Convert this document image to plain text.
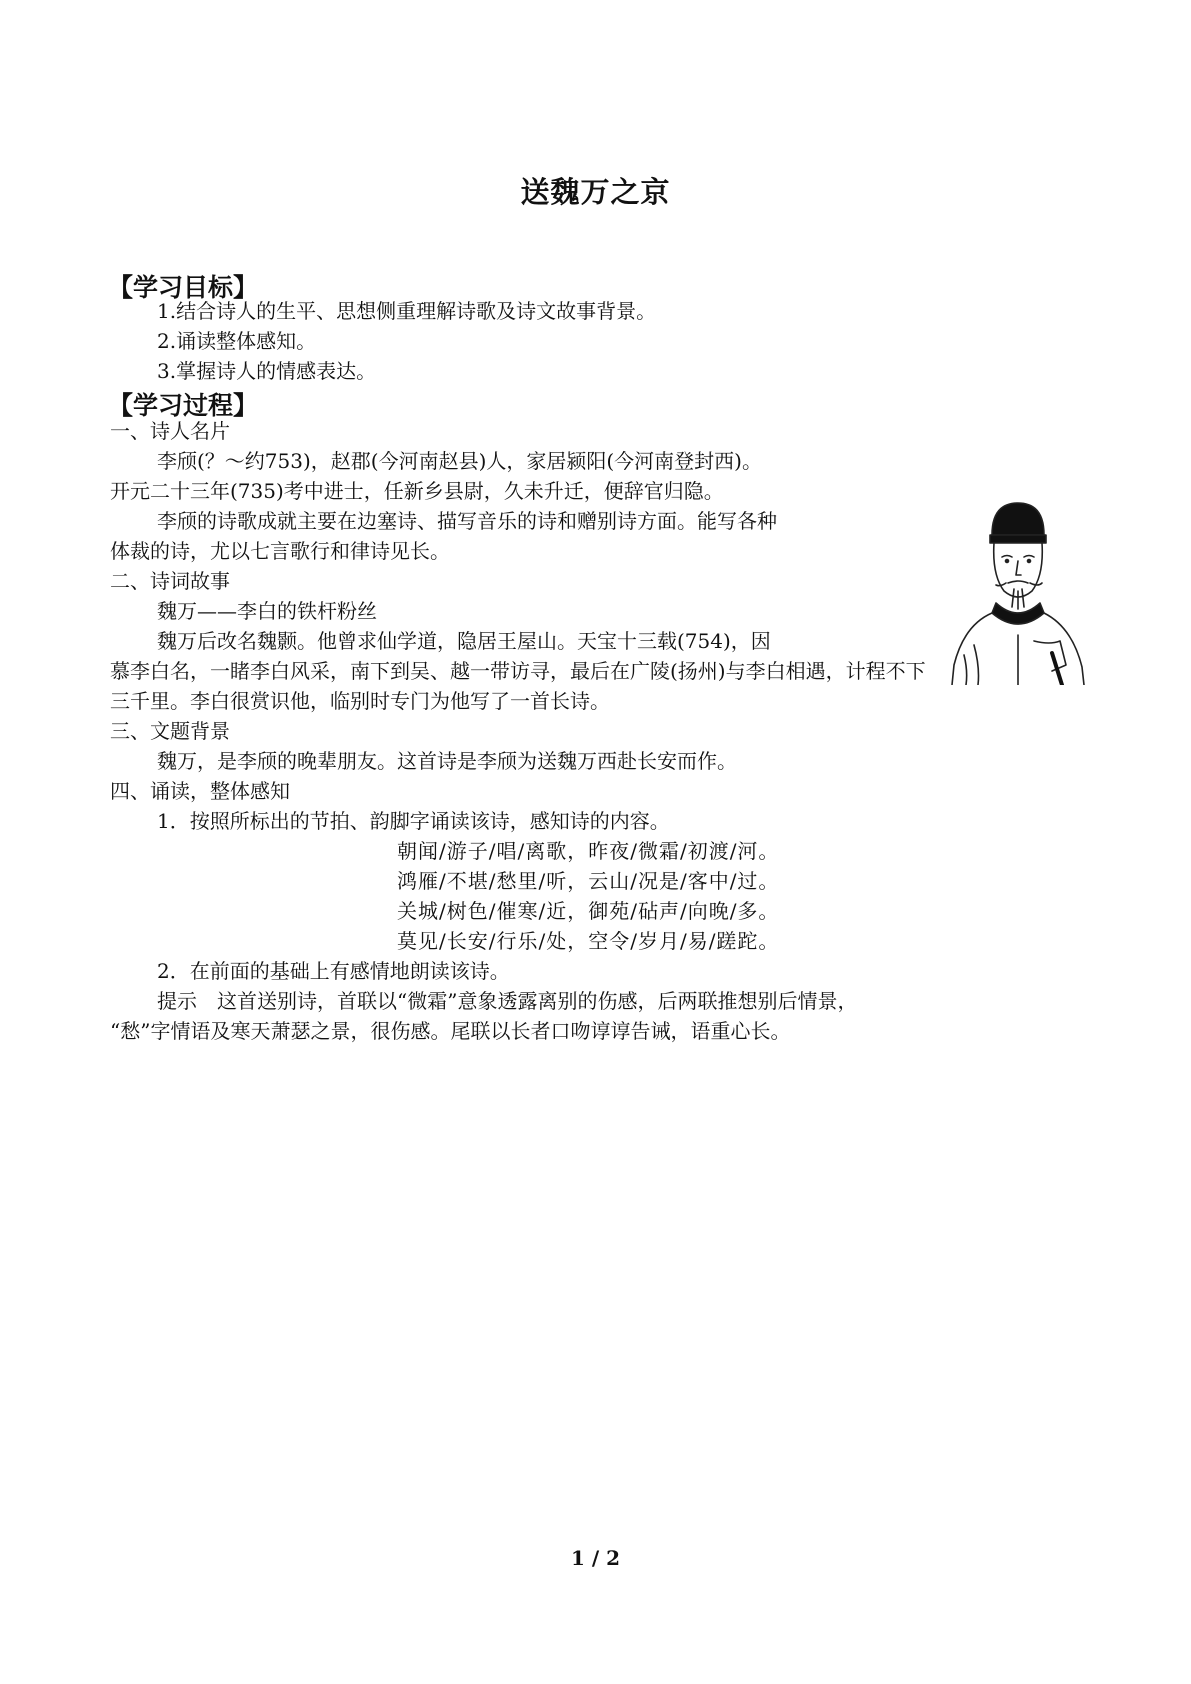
送魏万之京
【学习目标】
1.结合诗人的生平、思想侧重理解诗歌及诗文故事背景。
2.诵读整体感知。
3.掌握诗人的情感表达。
【学习过程】
一、诗人名片
李颀(？～约753)，赵郡(今河南赵县)人，家居颍阳(今河南登封西)。
开元二十三年(735)考中进士，任新乡县尉，久未升迁，便辞官归隐。
李颀的诗歌成就主要在边塞诗、描写音乐的诗和赠别诗方面。能写各种
体裁的诗，尤以七言歌行和律诗见长。
二、诗词故事
魏万——李白的铁杆粉丝
魏万后改名魏颢。他曾求仙学道，隐居王屋山。天宝十三载(754)，因
慕李白名，一睹李白风采，南下到吴、越一带访寻，最后在广陵(扬州)与李白相遇，计程不下
三千里。李白很赏识他，临别时专门为他写了一首长诗。
三、文题背景
魏万，是李颀的晚辈朋友。这首诗是李颀为送魏万西赴长安而作。
四、诵读，整体感知
1．按照所标出的节拍、韵脚字诵读该诗，感知诗的内容。
朝闻/游子/唱/离歌，昨夜/微霜/初渡/河。
鸿雁/不堪/愁里/听，云山/况是/客中/过。
关城/树色/催寒/近，御苑/砧声/向晚/多。
莫见/长安/行乐/处，空令/岁月/易/蹉跎。
2．在前面的基础上有感情地朗读该诗。
提示　这首送别诗，首联以“微霜”意象透露离别的伤感，后两联推想别后情景，
“愁”字情语及寒天萧瑟之景，很伤感。尾联以长者口吻谆谆告诫，语重心长。
1 / 2
